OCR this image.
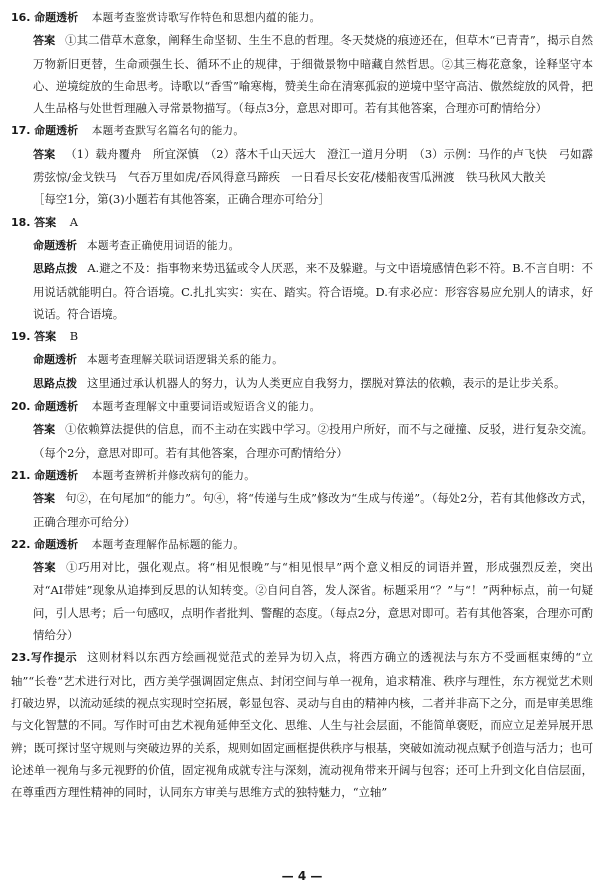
16. 命题透析 本题考查鉴赏诗歌写作特色和思想内蕴的能力。
答案 ①其二借草木意象，阐释生命坚韧、生生不息的哲理。冬天焚烧的痕迹还在，但草木“已青青”，揭示自然万物新旧更替，生命顽强生长、循环不止的规律，于细微景物中暗藏自然哲思。②其三梅花意象，诠释坚守本心、逆境绽放的生命思考。诗歌以“香雪”喻寒梅，赞美生命在清寒孤寂的逆境中坚守高洁、傲然绽放的风骨，把人生品格与处世哲理融入寻常景物描写。（每点3分，意思对即可。若有其他答案，合理亦可酌情给分）
17. 命题透析 本题考查默写名篇名句的能力。
答案 （1）载舟覆舟　所宜深慎　（2）落木千山天远大　澄江一道月分明　（3）示例：马作的卢飞快　弓如霹雳弦惊/金戈铁马　气吞万里如虎/吞风得意马蹄疾　一日看尽长安花/楼船夜雪瓜洲渡　铁马秋风大散关
［每空1分，第(3)小题若有其他答案，正确合理亦可给分］
18. 答案 A
命题透析 本题考查正确使用词语的能力。
思路点拨 A.避之不及：指事物来势迅猛或令人厌恶，来不及躲避。与文中语境感情色彩不符。B.不言自明：不用说话就能明白。符合语境。C.扎扎实实：实在、踏实。符合语境。D.有求必应：形容容易应允别人的请求，好说话。符合语境。
19. 答案 B
命题透析 本题考查理解关联词语逻辑关系的能力。
思路点拨 这里通过承认机器人的努力，认为人类更应自我努力，摆脱对算法的依赖，表示的是让步关系。
20. 命题透析 本题考查理解文中重要词语或短语含义的能力。
答案 ①依赖算法提供的信息，而不主动在实践中学习。②投用户所好，而不与之碰撞、反驳，进行复杂交流。（每个2分，意思对即可。若有其他答案，合理亦可酌情给分）
21. 命题透析 本题考查辨析并修改病句的能力。
答案 句②，在句尾加“的能力”。句④，将“传递与生成”修改为“生成与传递”。（每处2分，若有其他修改方式，正确合理亦可给分）
22. 命题透析 本题考查理解作品标题的能力。
答案 ①巧用对比，强化观点。将“相见恨晚”与“相见恨早”两个意义相反的词语并置，形成强烈反差，突出对“AI带娃”现象从追捧到反思的认知转变。②自问自答，发人深省。标题采用“？”与“！”两种标点，前一句疑问，引人思考；后一句感叹，点明作者批判、警醒的态度。（每点2分，意思对即可。若有其他答案，合理亦可酌情给分）
23.写作提示 这则材料以东西方绘画视觉范式的差异为切入点，将西方确立的透视法与东方不受画框束缚的“立轴”“长卷”艺术进行对比，西方美学强调固定焦点、封闭空间与单一视角，追求精准、秩序与理性，东方视觉艺术则打破边界，以流动延续的视点实现时空拓展，彰显包容、灵动与自由的精神内核，二者并非高下之分，而是审美思维与文化智慧的不同。写作时可由艺术视角延伸至文化、思维、人生与社会层面，不能简单褒贬，而应立足差异展开思辨；既可探讨坚守规则与突破边界的关系，规则如固定画框提供秩序与根基，突破如流动视点赋予创造与活力；也可论述单一视角与多元视野的价值，固定视角成就专注与深刻，流动视角带来开阔与包容；还可上升到文化自信层面，在尊重西方理性精神的同时，认同东方审美与思维方式的独特魅力，“立轴”
— 4 —
